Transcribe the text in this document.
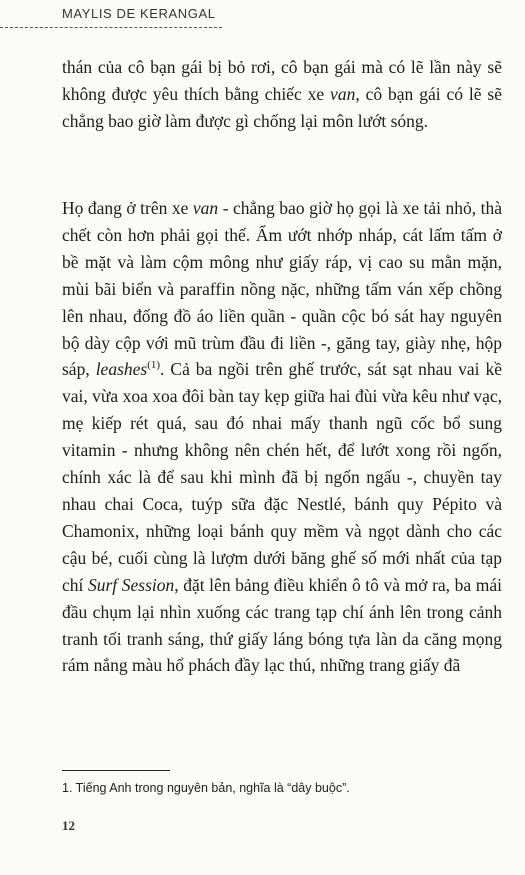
MAYLIS DE KERANGAL

thán của cô bạn gái bị bỏ rơi, cô bạn gái mà có lẽ lần này sẽ không được yêu thích bằng chiếc xe van, cô bạn gái có lẽ sẽ chẳng bao giờ làm được gì chống lại môn lướt sóng.

Họ đang ở trên xe van - chẳng bao giờ họ gọi là xe tải nhỏ, thà chết còn hơn phải gọi thế. Ẩm ướt nhớp nháp, cát lấm tấm ở bề mặt và làm cộm mông như giấy ráp, vị cao su mằn mặn, mùi bãi biển và paraffin nồng nặc, những tấm ván xếp chồng lên nhau, đống đồ áo liền quần - quần cộc bó sát hay nguyên bộ dày cộp với mũ trùm đầu đi liền -, găng tay, giày nhẹ, hộp sáp, leashes$^{(1)}$. Cả ba ngồi trên ghế trước, sát sạt nhau vai kề vai, vừa xoa xoa đôi bàn tay kẹp giữa hai đùi vừa kêu như vạc, mẹ kiếp rét quá, sau đó nhai mấy thanh ngũ cốc bổ sung vitamin - nhưng không nên chén hết, để lướt xong rồi ngốn, chính xác là để sau khi mình đã bị ngốn ngấu -, chuyền tay nhau chai Coca, tuýp sữa đặc Nestlé, bánh quy Pépito và Chamonix, những loại bánh quy mềm và ngọt dành cho các cậu bé, cuối cùng là lượm dưới băng ghế số mới nhất của tạp chí Surf Session, đặt lên bảng điều khiển ô tô và mở ra, ba mái đầu chụm lại nhìn xuống các trang tạp chí ánh lên trong cảnh tranh tối tranh sáng, thứ giấy láng bóng tựa làn da căng mọng rám nắng màu hổ phách đầy lạc thú, những trang giấy đã

1. Tiếng Anh trong nguyên bản, nghĩa là “dây buộc”.
12
